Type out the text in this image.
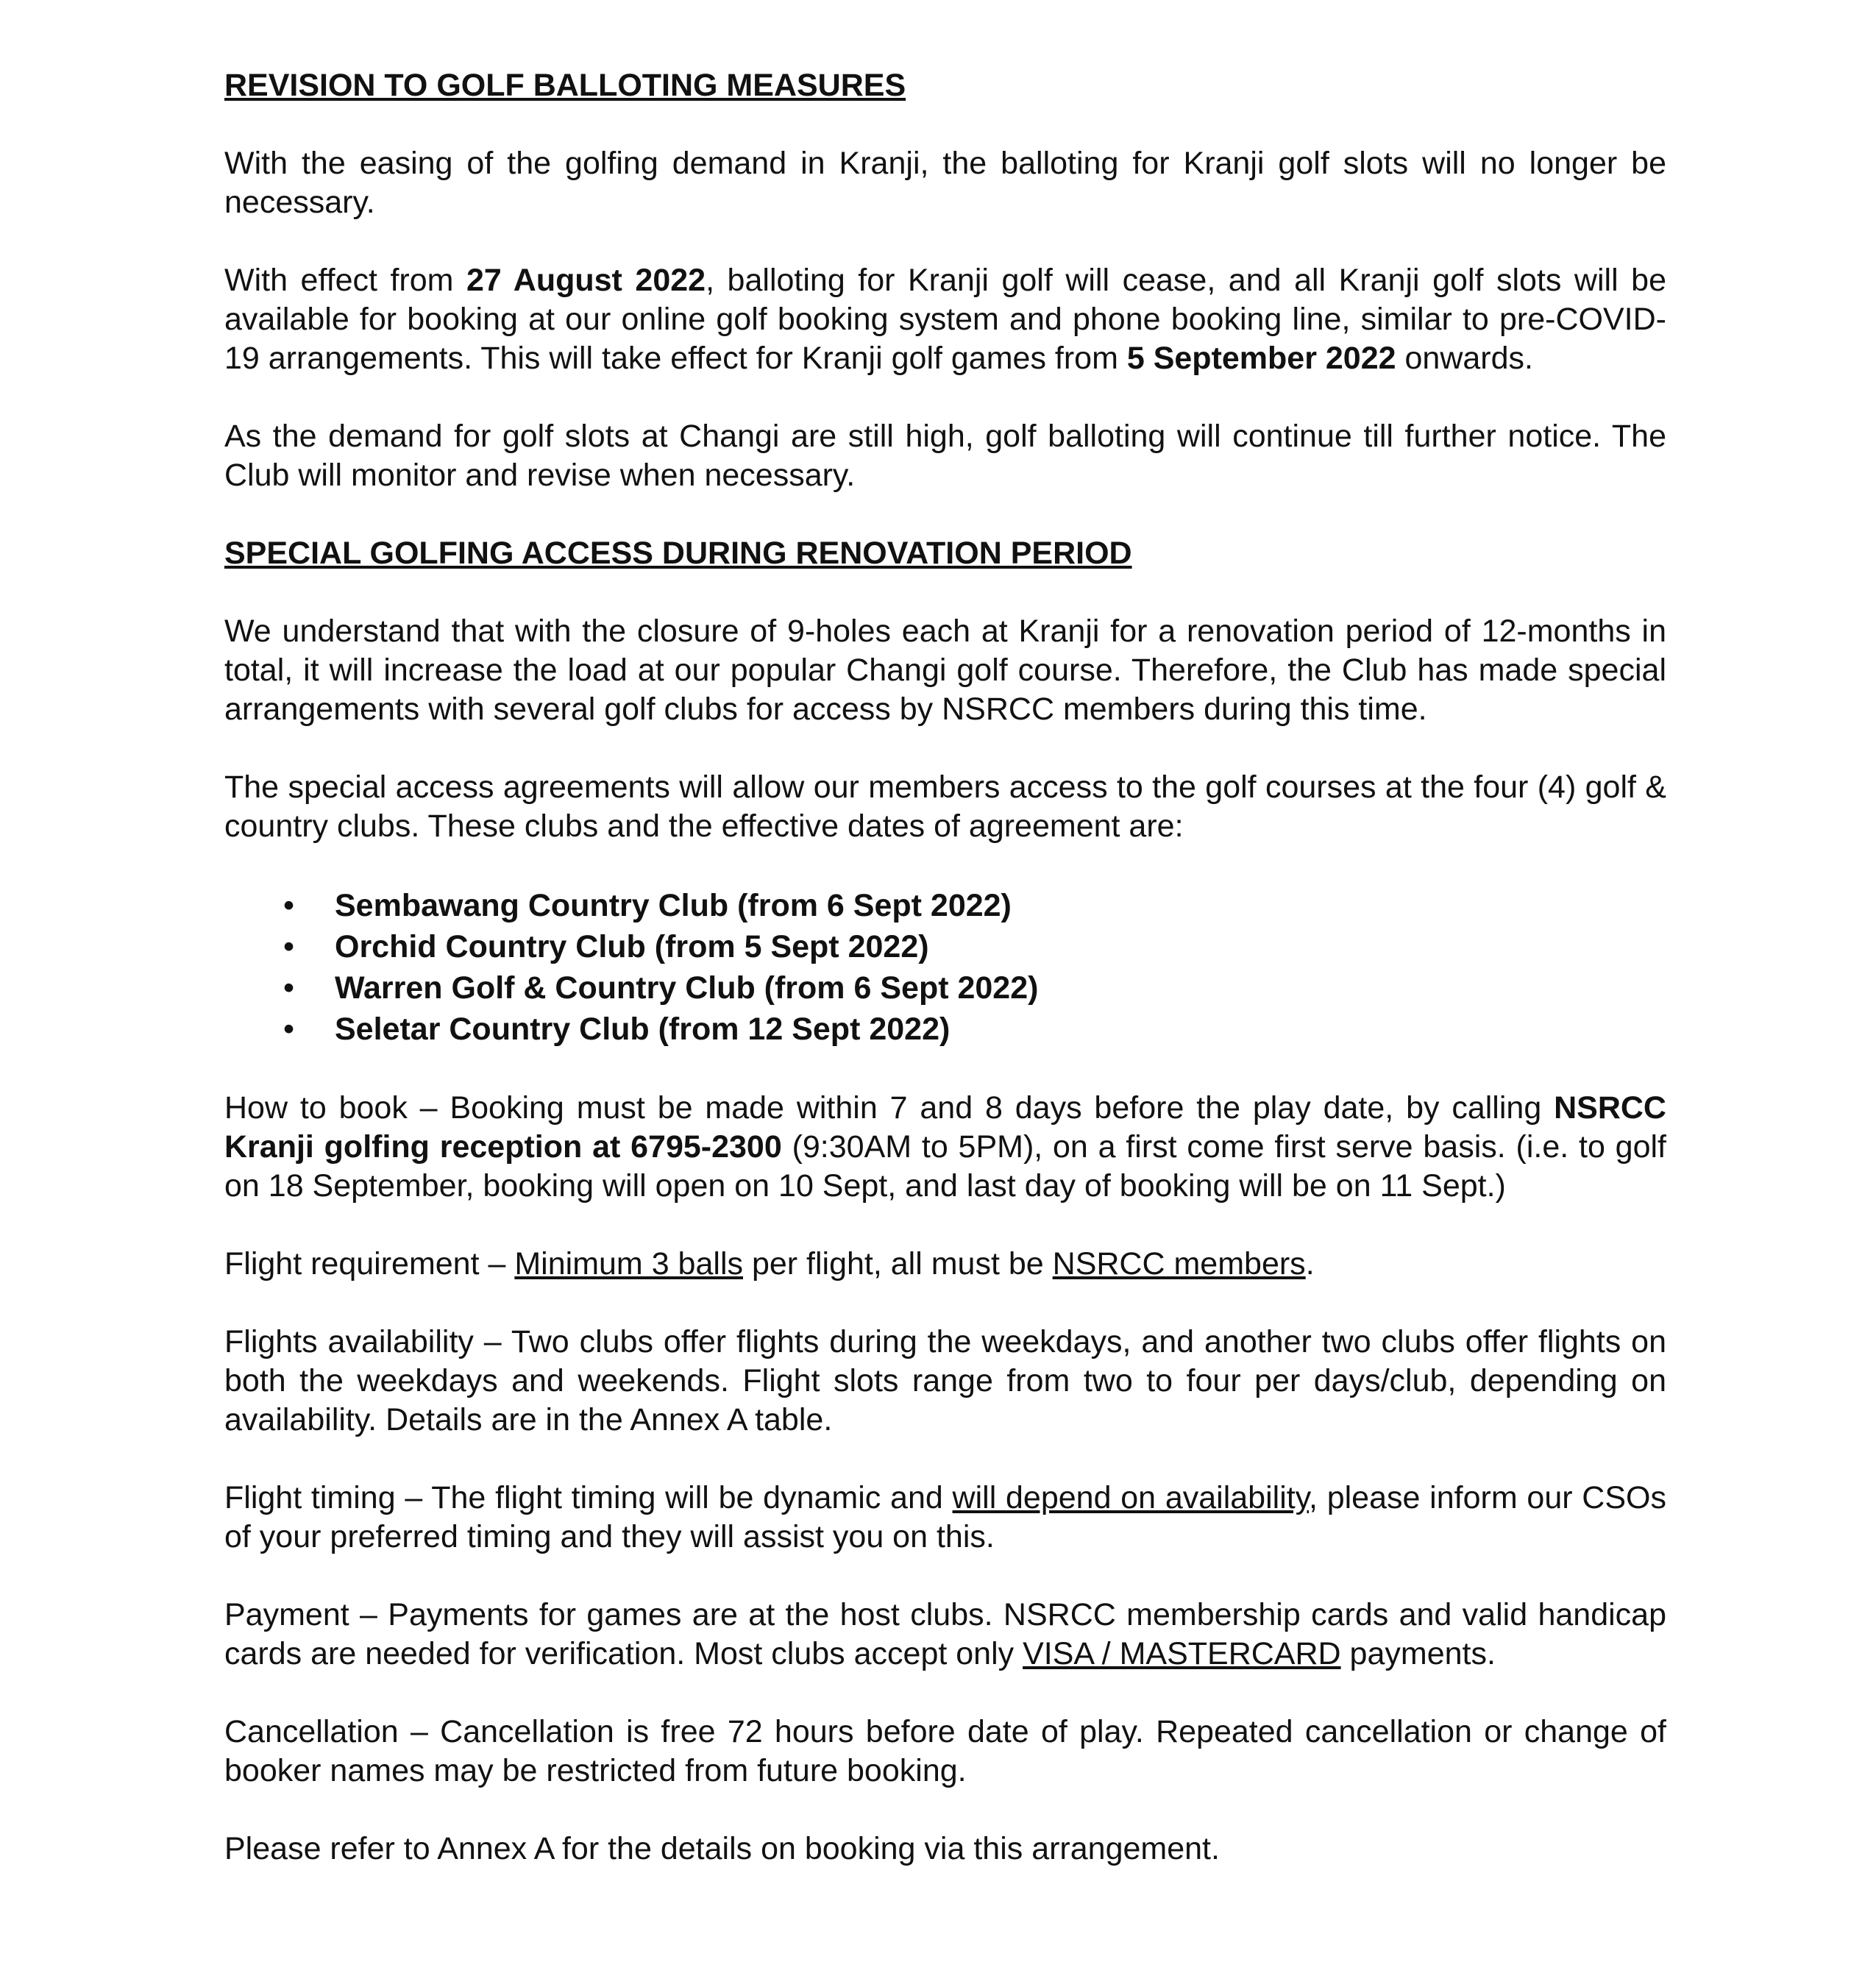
REVISION TO GOLF BALLOTING MEASURES
With the easing of the golfing demand in Kranji, the balloting for Kranji golf slots will no longer be necessary.
With effect from 27 August 2022, balloting for Kranji golf will cease, and all Kranji golf slots will be available for booking at our online golf booking system and phone booking line, similar to pre-COVID-19 arrangements. This will take effect for Kranji golf games from 5 September 2022 onwards.
As the demand for golf slots at Changi are still high, golf balloting will continue till further notice. The Club will monitor and revise when necessary.
SPECIAL GOLFING ACCESS DURING RENOVATION PERIOD
We understand that with the closure of 9-holes each at Kranji for a renovation period of 12-months in total, it will increase the load at our popular Changi golf course. Therefore, the Club has made special arrangements with several golf clubs for access by NSRCC members during this time.
The special access agreements will allow our members access to the golf courses at the four (4) golf & country clubs. These clubs and the effective dates of agreement are:
• Sembawang Country Club (from 6 Sept 2022)
• Orchid Country Club (from 5 Sept 2022)
• Warren Golf & Country Club (from 6 Sept 2022)
• Seletar Country Club (from 12 Sept 2022)
How to book – Booking must be made within 7 and 8 days before the play date, by calling NSRCC Kranji golfing reception at 6795-2300 (9:30AM to 5PM), on a first come first serve basis. (i.e. to golf on 18 September, booking will open on 10 Sept, and last day of booking will be on 11 Sept.)
Flight requirement – Minimum 3 balls per flight, all must be NSRCC members.
Flights availability – Two clubs offer flights during the weekdays, and another two clubs offer flights on both the weekdays and weekends. Flight slots range from two to four per days/club, depending on availability. Details are in the Annex A table.
Flight timing – The flight timing will be dynamic and will depend on availability, please inform our CSOs of your preferred timing and they will assist you on this.
Payment – Payments for games are at the host clubs. NSRCC membership cards and valid handicap cards are needed for verification. Most clubs accept only VISA / MASTERCARD payments.
Cancellation – Cancellation is free 72 hours before date of play. Repeated cancellation or change of booker names may be restricted from future booking.
Please refer to Annex A for the details on booking via this arrangement.
